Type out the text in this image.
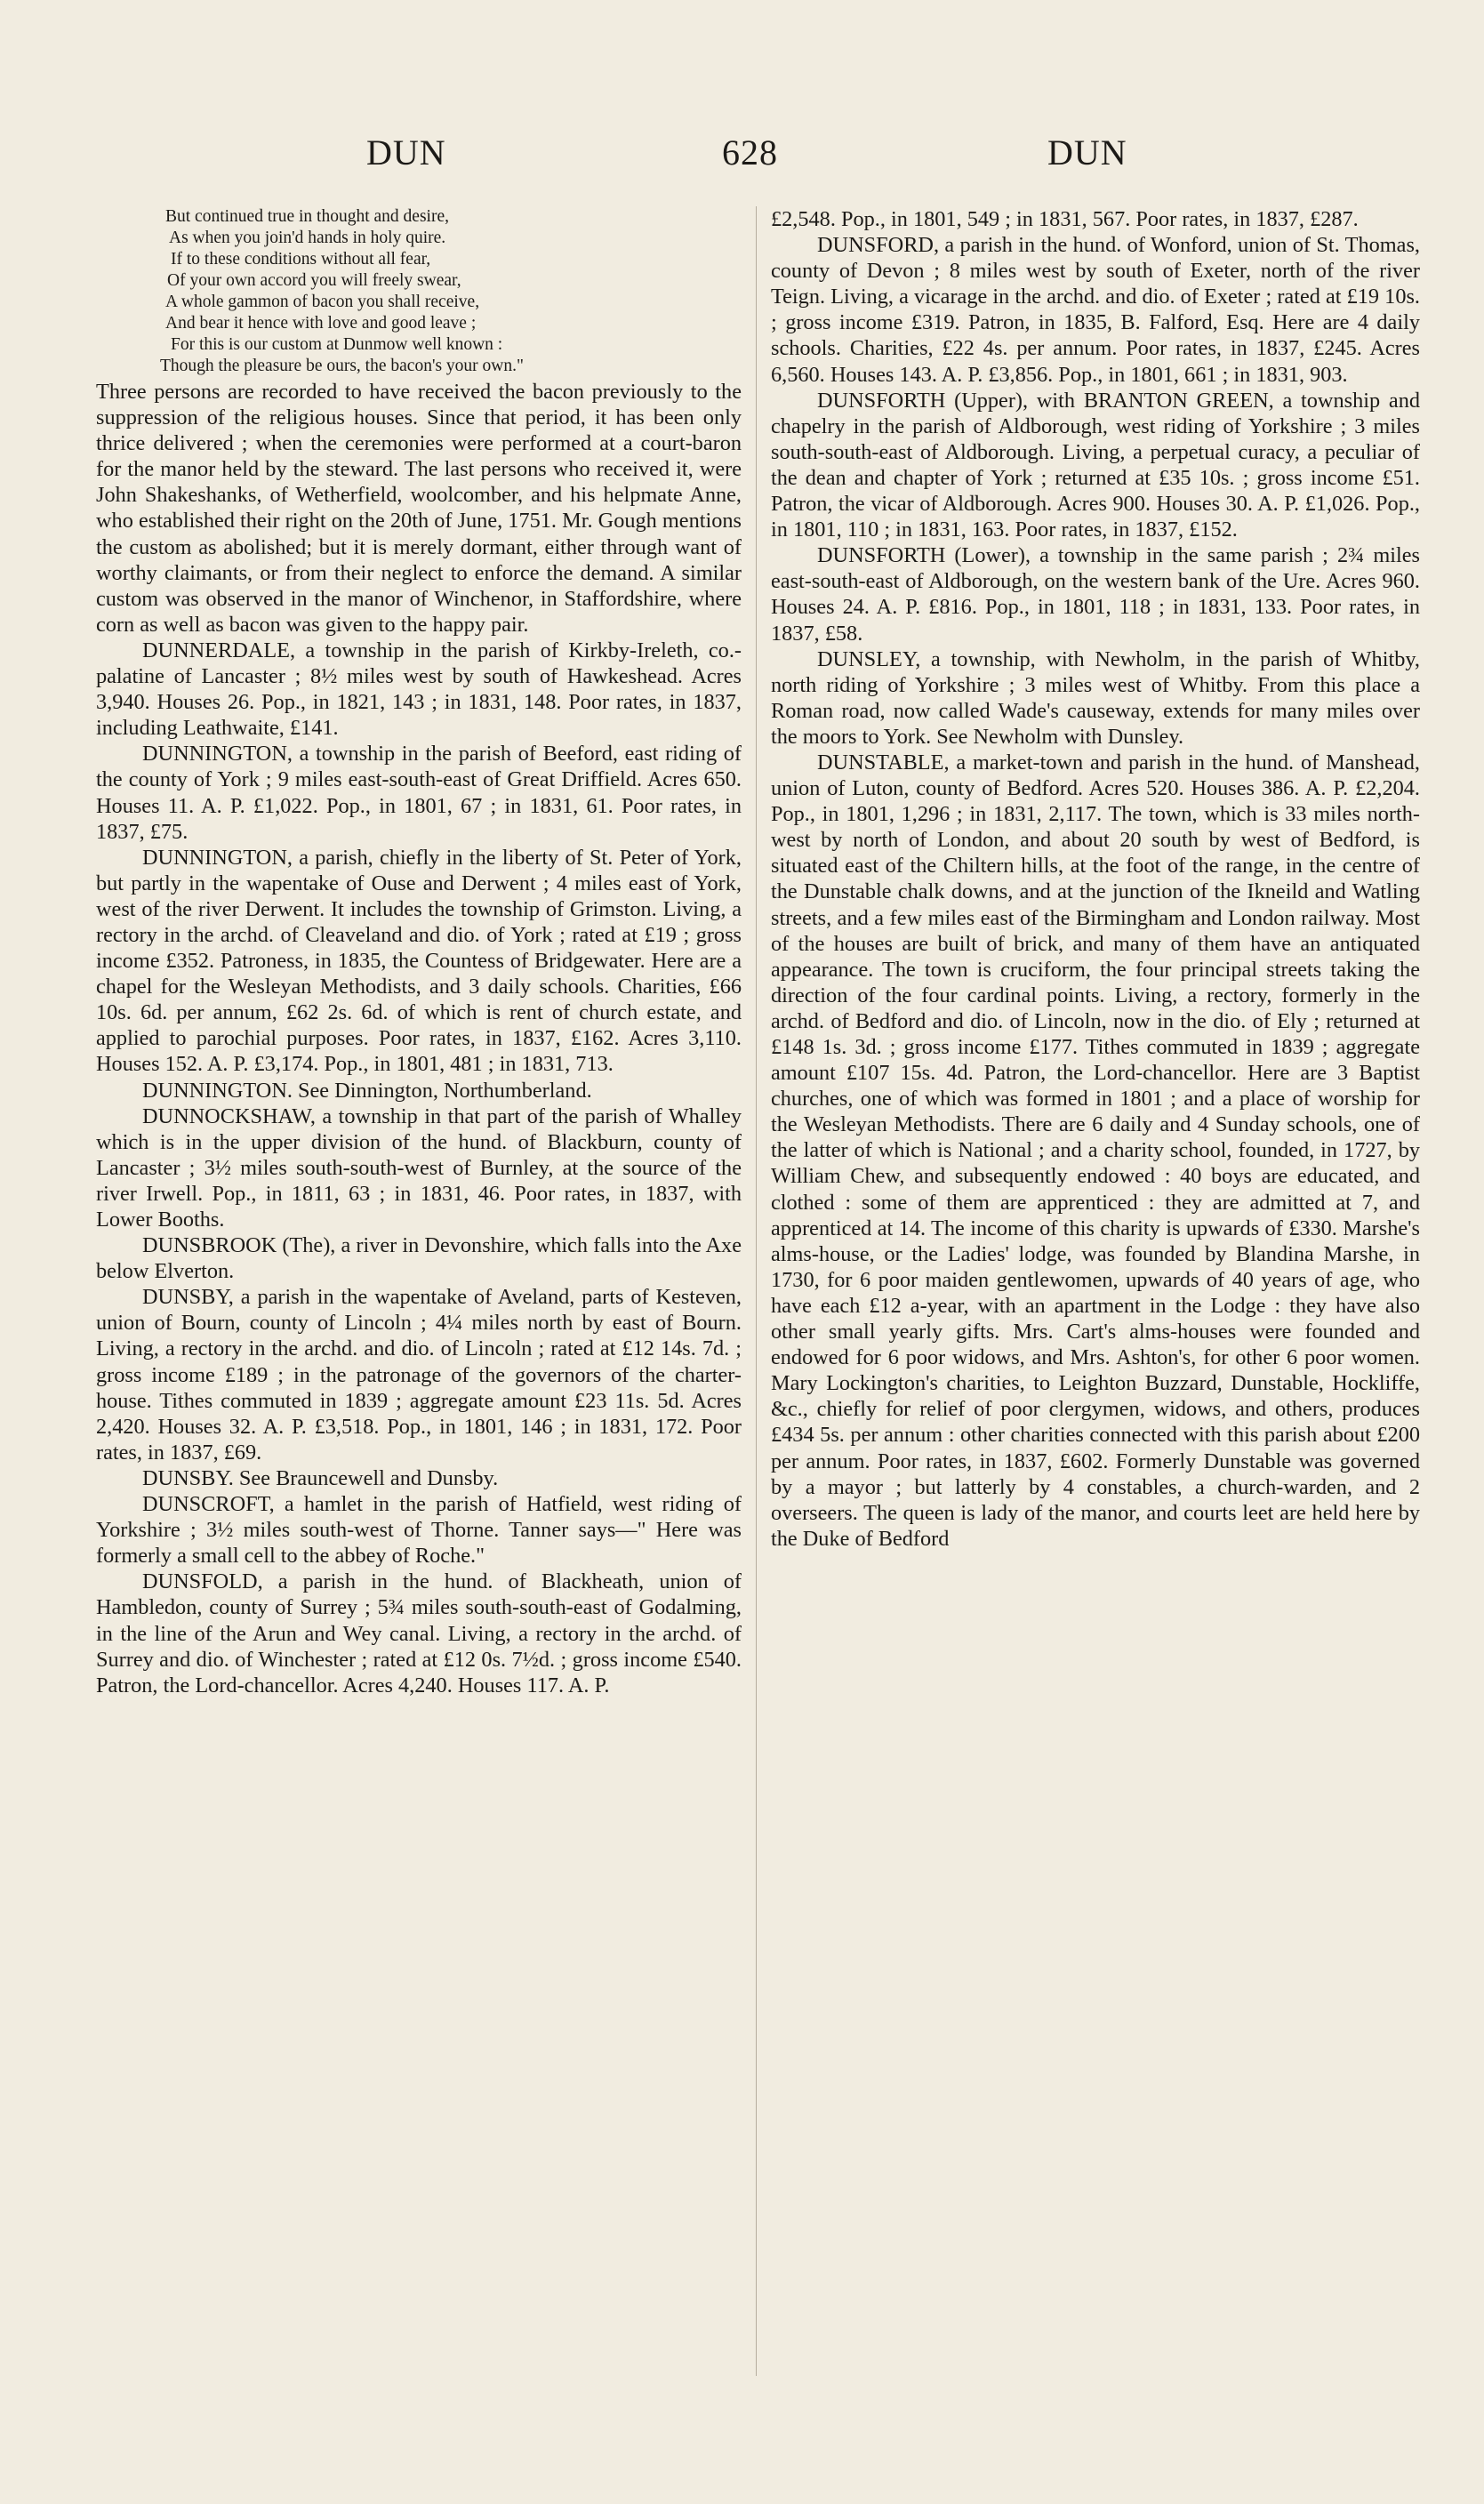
DUN	628	DUN
But continued true in thought and desire,
As when you join'd hands in holy quire.
If to these conditions without all fear,
Of your own accord you will freely swear,
A whole gammon of bacon you shall receive,
And bear it hence with love and good leave ;
For this is our custom at Dunmow well known :
Though the pleasure be ours, the bacon's your own."

Three persons are recorded to have received the bacon previously to the suppression of the religious houses. Since that period, it has been only thrice delivered ; when the ceremonies were performed at a court-baron for the manor held by the steward. The last persons who received it, were John Shakeshanks, of Wetherfield, woolcomber, and his helpmate Anne, who established their right on the 20th of June, 1751. Mr. Gough mentions the custom as abolished; but it is merely dormant, either through want of worthy claimants, or from their neglect to enforce the demand. A similar custom was observed in the manor of Winchenor, in Staffordshire, where corn as well as bacon was given to the happy pair.

DUNNERDALE, a township in the parish of Kirkby-Ireleth, co.-palatine of Lancaster ; 8½ miles west by south of Hawkeshead. Acres 3,940. Houses 26. Pop., in 1821, 143 ; in 1831, 148. Poor rates, in 1837, including Leathwaite, £141.

DUNNINGTON, a township in the parish of Beeford, east riding of the county of York ; 9 miles east-south-east of Great Driffield. Acres 650. Houses 11. A. P. £1,022. Pop., in 1801, 67 ; in 1831, 61. Poor rates, in 1837, £75.

DUNNINGTON, a parish, chiefly in the liberty of St. Peter of York, but partly in the wapentake of Ouse and Derwent ; 4 miles east of York, west of the river Derwent. It includes the township of Grimston. Living, a rectory in the archd. of Cleaveland and dio. of York ; rated at £19 ; gross income £352. Patroness, in 1835, the Countess of Bridgewater. Here are a chapel for the Wesleyan Methodists, and 3 daily schools. Charities, £66 10s. 6d. per annum, £62 2s. 6d. of which is rent of church estate, and applied to parochial purposes. Poor rates, in 1837, £162. Acres 3,110. Houses 152. A. P. £3,174. Pop., in 1801, 481 ; in 1831, 713.

DUNNINGTON. See Dinnington, Northumberland.

DUNNOCKSHAW, a township in that part of the parish of Whalley which is in the upper division of the hund. of Blackburn, county of Lancaster ; 3½ miles south-south-west of Burnley, at the source of the river Irwell. Pop., in 1811, 63 ; in 1831, 46. Poor rates, in 1837, with Lower Booths.

DUNSBROOK (The), a river in Devonshire, which falls into the Axe below Elverton.

DUNSBY, a parish in the wapentake of Aveland, parts of Kesteven, union of Bourn, county of Lincoln ; 4¼ miles north by east of Bourn. Living, a rectory in the archd. and dio. of Lincoln ; rated at £12 14s. 7d. ; gross income £189 ; in the patronage of the governors of the charter-house. Tithes commuted in 1839 ; aggregate amount £23 11s. 5d. Acres 2,420. Houses 32. A. P. £3,518. Pop., in 1801, 146 ; in 1831, 172. Poor rates, in 1837, £69.

DUNSBY. See Brauncewell and Dunsby.

DUNSCROFT, a hamlet in the parish of Hatfield, west riding of Yorkshire ; 3½ miles south-west of Thorne. Tanner says—" Here was formerly a small cell to the abbey of Roche."

DUNSFOLD, a parish in the hund. of Blackheath, union of Hambledon, county of Surrey ; 5¾ miles south-south-east of Godalming, in the line of the Arun and Wey canal. Living, a rectory in the archd. of Surrey and dio. of Winchester ; rated at £12 0s. 7½d. ; gross income £540. Patron, the Lord-chancellor. Acres 4,240. Houses 117. A. P.

£2,548. Pop., in 1801, 549 ; in 1831, 567. Poor rates, in 1837, £287.

DUNSFORD, a parish in the hund. of Wonford, union of St. Thomas, county of Devon ; 8 miles west by south of Exeter, north of the river Teign. Living, a vicarage in the archd. and dio. of Exeter ; rated at £19 10s. ; gross income £319. Patron, in 1835, B. Falford, Esq. Here are 4 daily schools. Charities, £22 4s. per annum. Poor rates, in 1837, £245. Acres 6,560. Houses 143. A. P. £3,856. Pop., in 1801, 661 ; in 1831, 903.

DUNSFORTH (Upper), with BRANTON GREEN, a township and chapelry in the parish of Aldborough, west riding of Yorkshire ; 3 miles south-south-east of Aldborough. Living, a perpetual curacy, a peculiar of the dean and chapter of York ; returned at £35 10s. ; gross income £51. Patron, the vicar of Aldborough. Acres 900. Houses 30. A. P. £1,026. Pop., in 1801, 110 ; in 1831, 163. Poor rates, in 1837, £152.

DUNSFORTH (Lower), a township in the same parish ; 2¾ miles east-south-east of Aldborough, on the western bank of the Ure. Acres 960. Houses 24. A. P. £816. Pop., in 1801, 118 ; in 1831, 133. Poor rates, in 1837, £58.

DUNSLEY, a township, with Newholm, in the parish of Whitby, north riding of Yorkshire ; 3 miles west of Whitby. From this place a Roman road, now called Wade's causeway, extends for many miles over the moors to York. See Newholm with Dunsley.

DUNSTABLE, a market-town and parish in the hund. of Manshead, union of Luton, county of Bedford. Acres 520. Houses 386. A. P. £2,204. Pop., in 1801, 1,296 ; in 1831, 2,117. The town, which is 33 miles north-west by north of London, and about 20 south by west of Bedford, is situated east of the Chiltern hills, at the foot of the range, in the centre of the Dunstable chalk downs, and at the junction of the Ikneild and Watling streets, and a few miles east of the Birmingham and London railway. Most of the houses are built of brick, and many of them have an antiquated appearance. The town is cruciform, the four principal streets taking the direction of the four cardinal points. Living, a rectory, formerly in the archd. of Bedford and dio. of Lincoln, now in the dio. of Ely ; returned at £148 1s. 3d. ; gross income £177. Tithes commuted in 1839 ; aggregate amount £107 15s. 4d. Patron, the Lord-chancellor. Here are 3 Baptist churches, one of which was formed in 1801 ; and a place of worship for the Wesleyan Methodists. There are 6 daily and 4 Sunday schools, one of the latter of which is National ; and a charity school, founded, in 1727, by William Chew, and subsequently endowed : 40 boys are educated, and clothed : some of them are apprenticed : they are admitted at 7, and apprenticed at 14. The income of this charity is upwards of £330. Marshe's alms-house, or the Ladies' lodge, was founded by Blandina Marshe, in 1730, for 6 poor maiden gentlewomen, upwards of 40 years of age, who have each £12 a-year, with an apartment in the Lodge : they have also other small yearly gifts. Mrs. Cart's alms-houses were founded and endowed for 6 poor widows, and Mrs. Ashton's, for other 6 poor women. Mary Lockington's charities, to Leighton Buzzard, Dunstable, Hockliffe, &c., chiefly for relief of poor clergymen, widows, and others, produces £434 5s. per annum : other charities connected with this parish about £200 per annum. Poor rates, in 1837, £602. Formerly Dunstable was governed by a mayor ; but latterly by 4 constables, a church-warden, and 2 overseers. The queen is lady of the manor, and courts leet are held here by the Duke of Bedford
